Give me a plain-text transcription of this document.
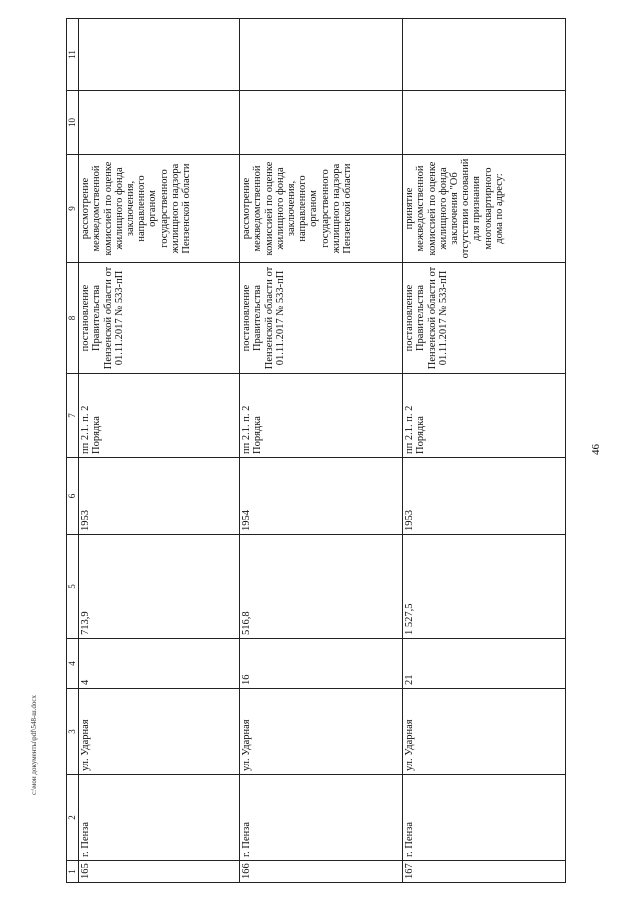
46
c:\мои документы\pdf\548-ш.docx
1	2	3	4	5	6	7	8	9	10	11
165	г. Пенза	ул. Ударная	4	713,9	1953	пп 2.1. п. 2 Порядка	постановление Правительства Пензенской области от 01.11.2017 № 533-пП	рассмотрение межведомственной комиссией по оценке жилищного фонда заключения, направленного органом государственного жилищного надзора Пензенской области		
166	г. Пенза	ул. Ударная	16	516,8	1954	пп 2.1. п. 2 Порядка	постановление Правительства Пензенской области от 01.11.2017 № 533-пП	рассмотрение межведомственной комиссией по оценке жилищного фонда заключения, направленного органом государственного жилищного надзора Пензенской области		
167	г. Пенза	ул. Ударная	21	1 527,5	1953	пп 2.1. п. 2 Порядка	постановление Правительства Пензенской области от 01.11.2017 № 533-пП	принятие межведомственной комиссией по оценке жилищного фонда заключения "Об отсутствии оснований для признания многоквартирного дома по адресу:		
